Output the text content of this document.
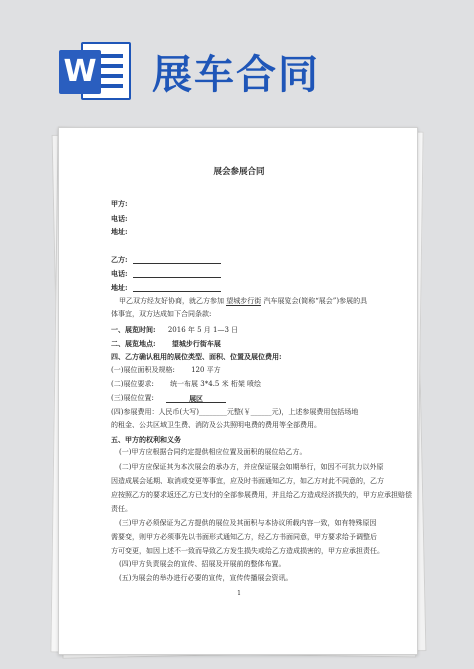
W 展车合同
展会参展合同
甲方:
电话:
地址:
乙方:
电话:
地址:
甲乙双方经友好协商，就乙方参加 望城步行街 汽车展览会(简称“展会”)参展的具
体事宜，双方达成如下合同条款:
一、展览时间: 2016 年 5 月 1—3 日
二、展览地点: 望城步行街车展
四、乙方确认租用的展位类型、面积、位置及展位费用:
(一)展位面积及规格: 120 平方
(二)展位要求: 统一布展 3*4.5 米 桁架 喷绘
(三)展位位置:	展区
(四)参展费用：人民币(大写)________元整(￥______元)，上述参展费用包括场地
的租金、公共区域卫生费、消防及公共照明电费的费用等全部费用。
五、甲方的权利和义务
(一)甲方应根据合同约定提供相应位置及面积的展位给乙方。
(二)甲方应保证其为本次展会的承办方，并应保证展会如期举行，如因不可抗力以外原
因造成展会延期、取消或变更等事宜，应及时书面通知乙方，如乙方对此不同意的，乙方
应按照乙方的要求返还乙方已支付的全部参展费用，并且给乙方造成经济损失的，甲方应承担赔偿
责任。
(三)甲方必须保证为乙方提供的展位及其面积与本协议所载内容一致，如有特殊原因
需要变，则甲方必须事先以书面形式通知乙方，经乙方书面同意，甲方要求给予调整后
方可变更，如因上述不一致而导致乙方发生损失或给乙方造成损害的，甲方应承担责任。
(四)甲方负责展会的宣传、招展及开展前的整体布置。
(五)为展会的举办进行必要的宣传，宣传传播展会资讯。
1
